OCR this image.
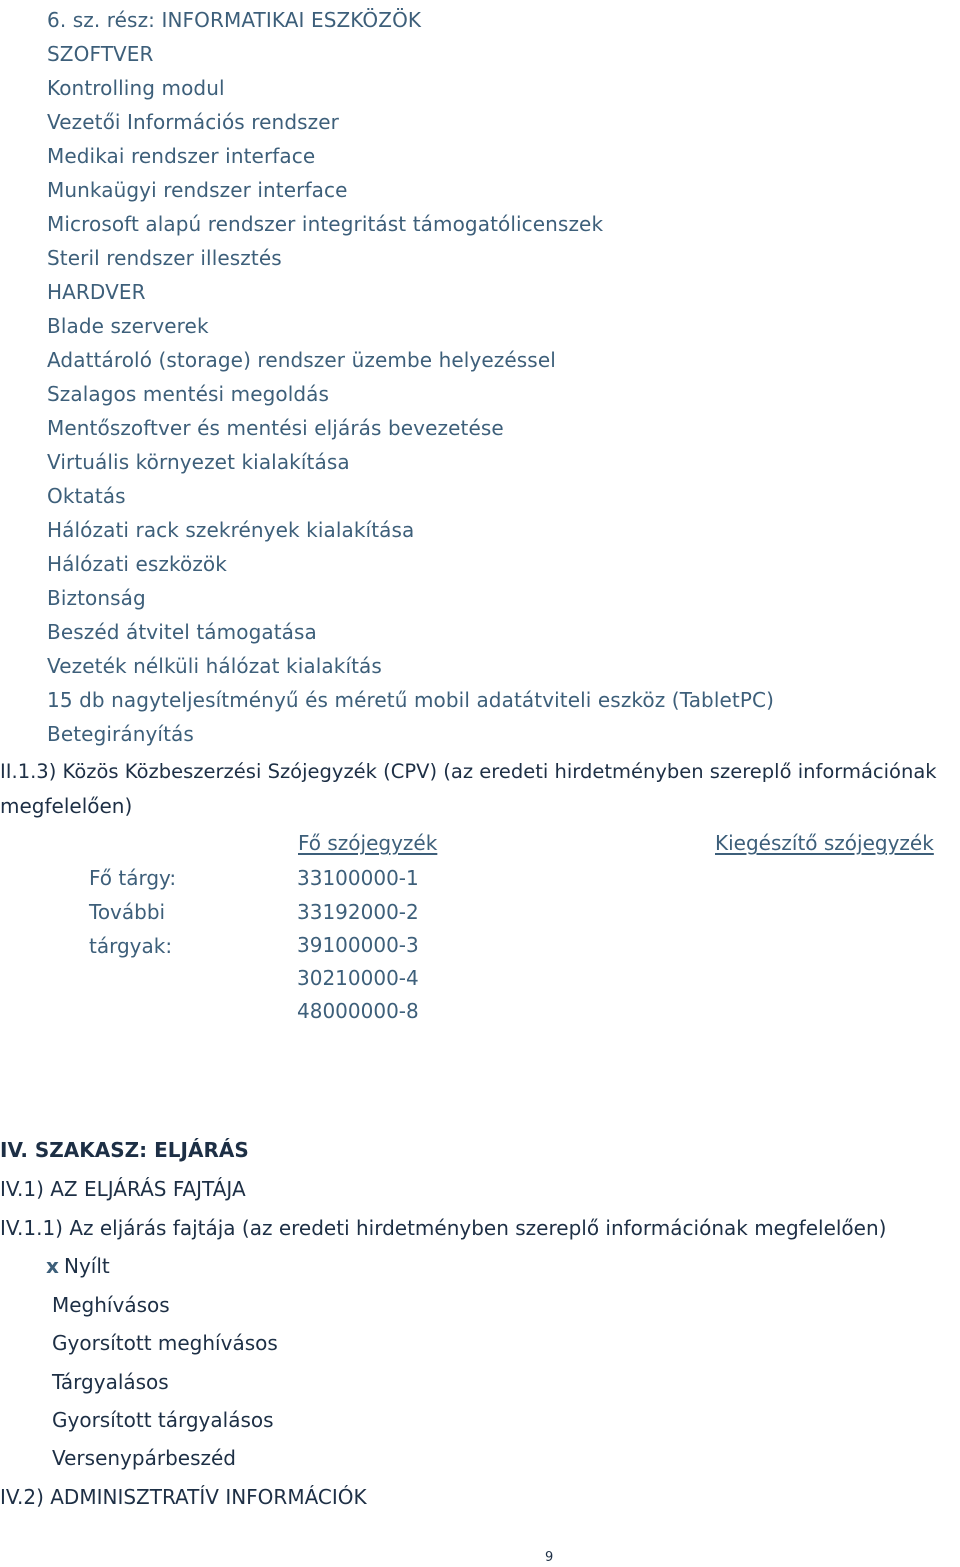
6. sz. rész: INFORMATIKAI ESZKÖZÖK
SZOFTVER
Kontrolling modul
Vezetői Információs rendszer
Medikai rendszer interface
Munkaügyi rendszer interface
Microsoft alapú rendszer integritást támogatólicenszek
Steril rendszer illesztés
HARDVER
Blade szerverek
Adattároló (storage) rendszer üzembe helyezéssel
Szalagos mentési megoldás
Mentőszoftver és mentési eljárás bevezetése
Virtuális környezet kialakítása
Oktatás
Hálózati rack szekrények kialakítása
Hálózati eszközök
Biztonság
Beszéd átvitel támogatása
Vezeték nélküli hálózat kialakítás
15 db nagyteljesítményű és méretű mobil adatátviteli eszköz (TabletPC)
Betegirányítás
II.1.3) Közös Közbeszerzési Szójegyzék (CPV) (az eredeti hirdetményben szereplő információnak
megfelelően)
Fő szójegyzék	Kiegészítő szójegyzék
Fő tárgy:
További
tárgyak:
33100000-1
33192000-2
39100000-3
30210000-4
48000000-8
IV. SZAKASZ: ELJÁRÁS
IV.1) AZ ELJÁRÁS FAJTÁJA
IV.1.1) Az eljárás fajtája (az eredeti hirdetményben szereplő információnak megfelelően)
x Nyílt
Meghívásos
Gyorsított meghívásos
Tárgyalásos
Gyorsított tárgyalásos
Versenypárbeszéd
IV.2) ADMINISZTRATÍV INFORMÁCIÓK
9
